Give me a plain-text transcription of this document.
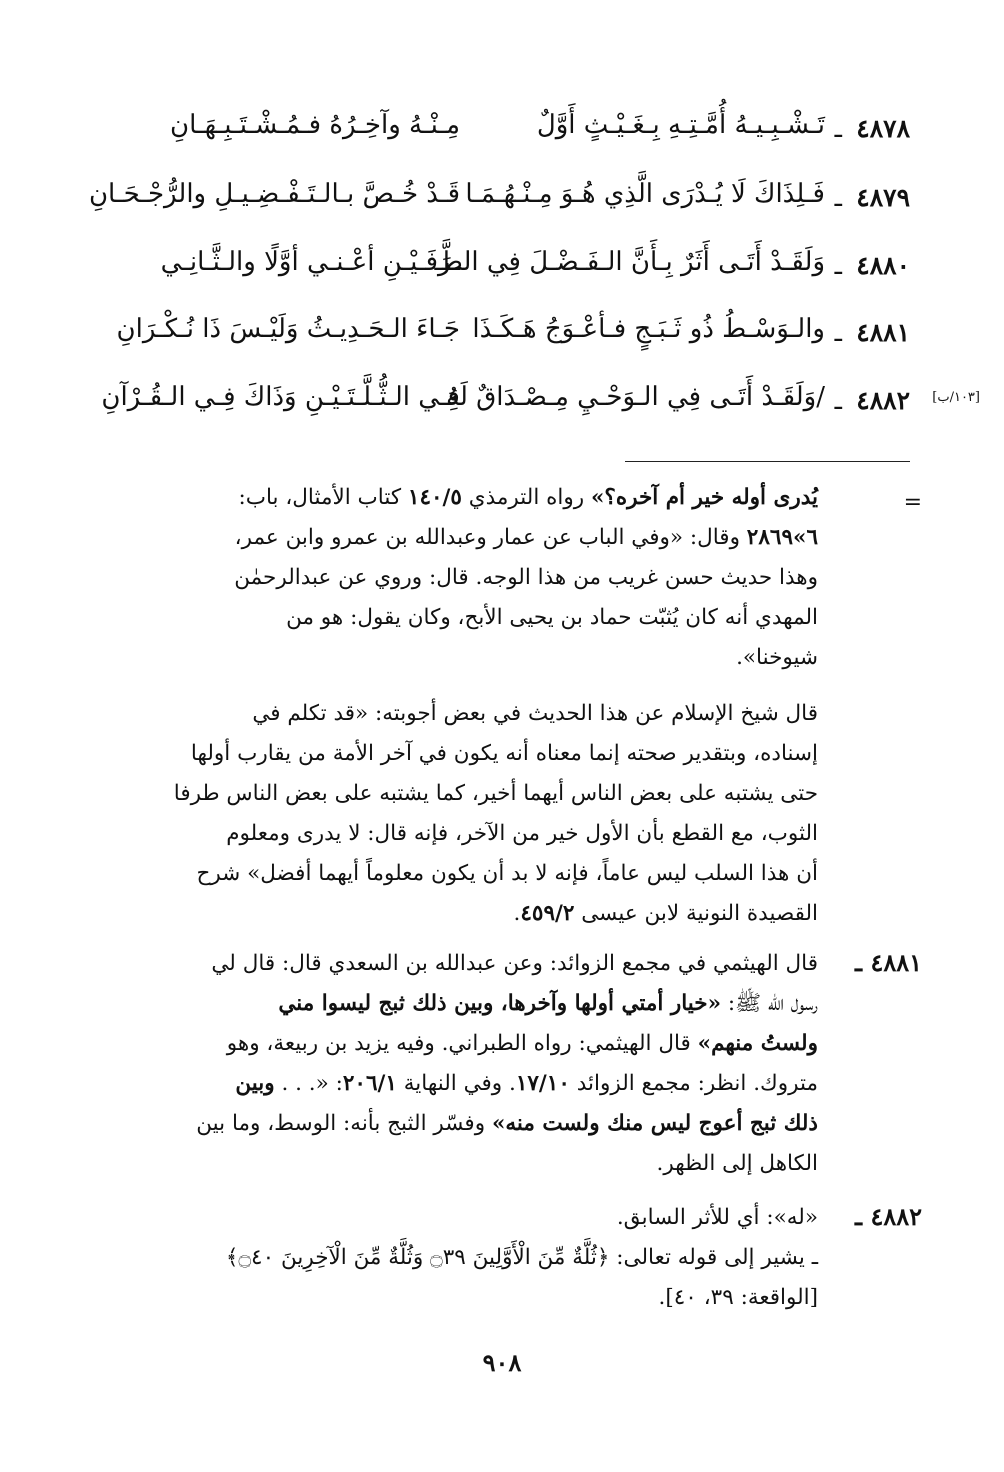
٤٨٧٨
ـ
تَـشْـبِـيـهُ أُمَّـتِـهِ بِـغَـيْـثٍ أَوَّلٌ
مِـنْـهُ وآخِـرُهُ فـمُـشْـتَـبِـهَـانِ
٤٨٧٩
ـ
فَـلِذَاكَ لَا يُـدْرَى الَّذِي هُـوَ مِـنْـهُـمَـا
قَـدْ خُـصَّ بـالـتَـفْـضِـيـلِ والرُّجْـحَـانِ
٤٨٨٠
ـ
وَلَقَـدْ أَتَـى أَثَرٌ بِـأَنَّ الـفَـضْـلَ فِي الطَّـ
ـرَفَـيْـنِ أعْـنـي أوَّلًا والـثَّـانِـي
٤٨٨١
ـ
والـوَسْـطُ ذُو ثَـبَـجٍ فـأعْـوَجُ هَـكَـذَا
جَـاءَ الـحَـدِيـثُ وَلَيْـسَ ذَا نُـكْـرَانِ
[١٠٣/ب]
٤٨٨٢
ـ
/وَلَقَـدْ أَتَـى فِي الـوَحْـيِ مِـصْـدَاقٌ لَهُ
فِـي الـثُّـلَّـتَـيْـنِ وَذَاكَ فِـي الـقُـرْآنِ
=
يُدرى أوله خير أم آخره؟» رواه الترمذي ١٤٠/٥ كتاب الأمثال، باب:
٦»٢٨٦٩ وقال: «وفي الباب عن عمار وعبدالله بن عمرو وابن عمر،
وهذا حديث حسن غريب من هذا الوجه. قال: وروي عن عبدالرحمٰن
المهدي أنه كان يُثبّت حماد بن يحيى الأبح، وكان يقول: هو من
شيوخنا».
قال شيخ الإسلام عن هذا الحديث في بعض أجوبته: «قد تكلم في
إسناده، وبتقدير صحته إنما معناه أنه يكون في آخر الأمة من يقارب أولها
حتى يشتبه على بعض الناس أيهما أخير، كما يشتبه على بعض الناس طرفا
الثوب، مع القطع بأن الأول خير من الآخر، فإنه قال: لا يدرى ومعلوم
أن هذا السلب ليس عاماً، فإنه لا بد أن يكون معلوماً أيهما أفضل» شرح
القصيدة النونية لابن عيسى ٤٥٩/٢.
٤٨٨١ ـ
قال الهيثمي في مجمع الزوائد: وعن عبدالله بن السعدي قال: قال لي
رسول الله ﷺ: «خيار أمتي أولها وآخرها، وبين ذلك ثبج ليسوا مني
ولستُ منهم» قال الهيثمي: رواه الطبراني. وفيه يزيد بن ربيعة، وهو
متروك. انظر: مجمع الزوائد ١٧/١٠. وفي النهاية ٢٠٦/١: «. . . وبين
ذلك ثبج أعوج ليس منك ولست منه» وفسّر الثبج بأنه: الوسط، وما بين
الكاهل إلى الظهر.
٤٨٨٢ ـ
«له»: أي للأثر السابق.
ـ يشير إلى قوله تعالى: ﴿ثُلَّةٌ مِّنَ الْأَوَّلِينَ ۝٣٩ وَثُلَّةٌ مِّنَ الْآخِرِينَ ۝٤٠﴾
[الواقعة: ٣٩، ٤٠].
٩٠٨
